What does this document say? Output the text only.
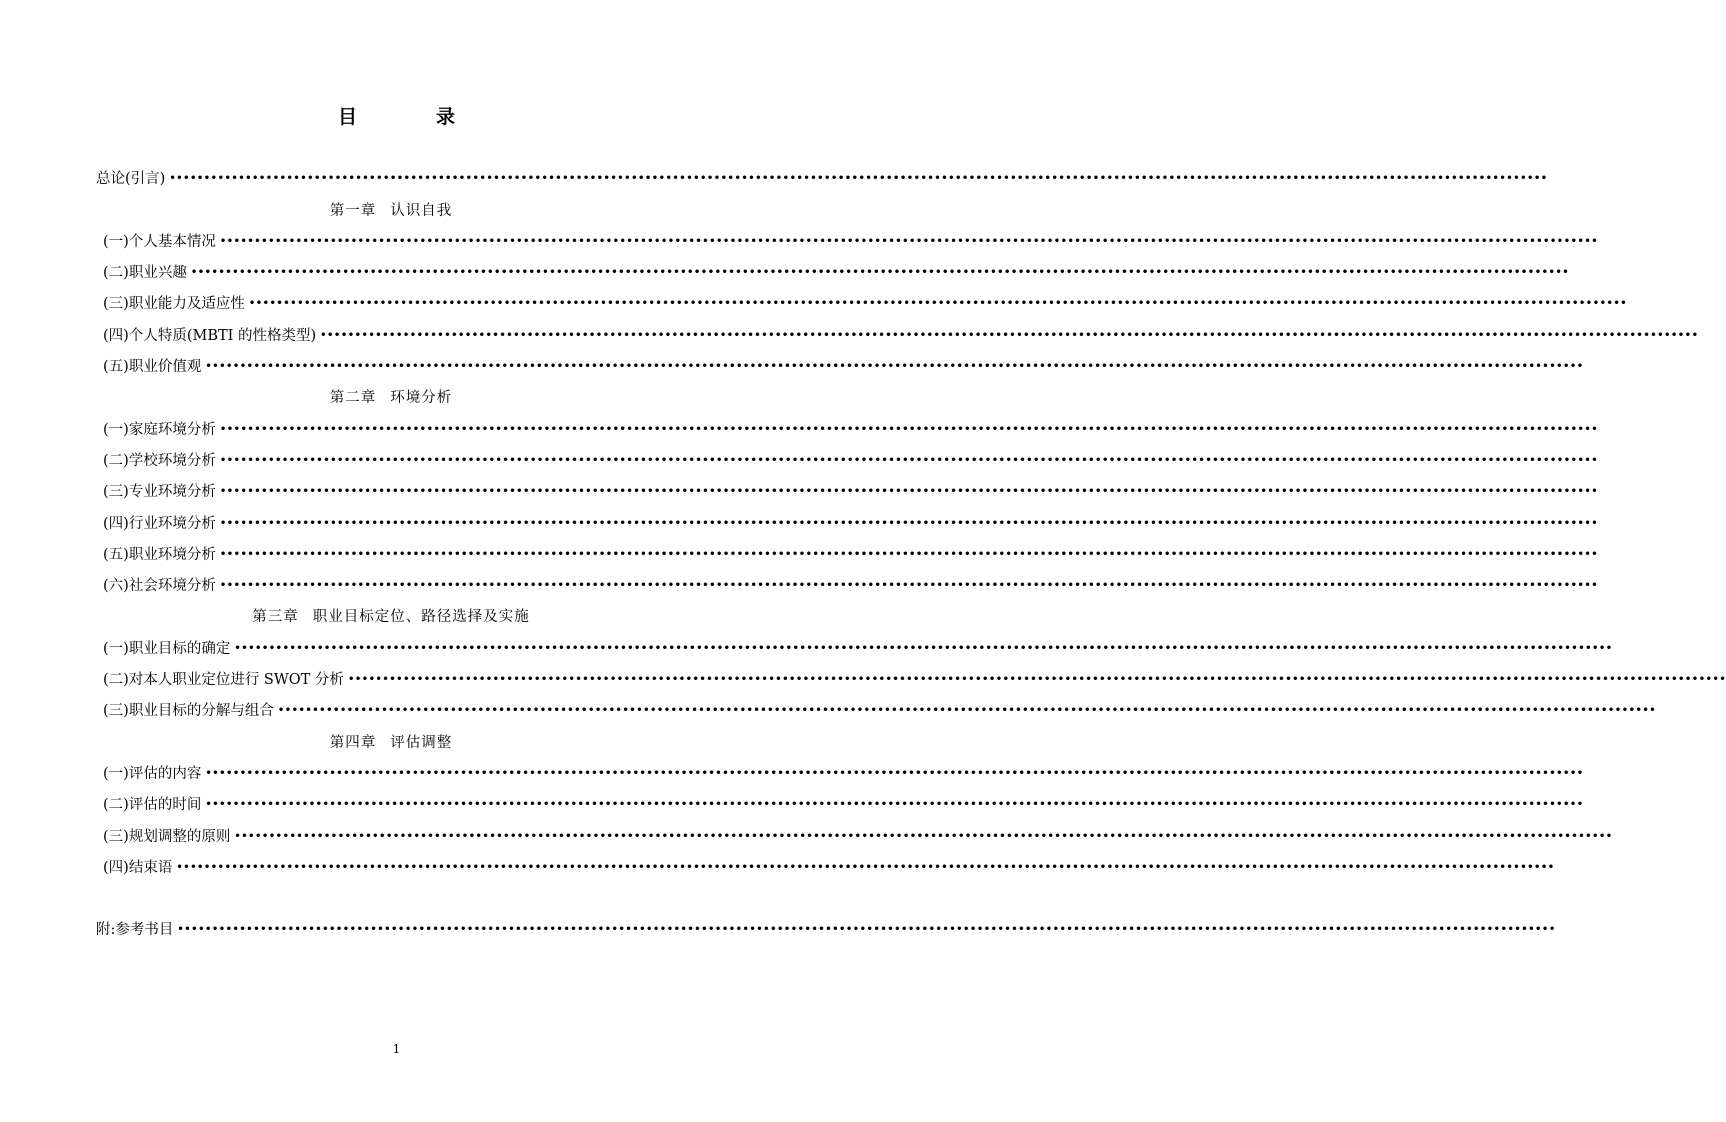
目　录
总论(引言) ••••••••••••••••••••••••••••••••••••••••••••••••••••••••••••••••••••••••••••••••••••••••••••••••••••••••••••••••••••••••••••••••••••••••••••••••••••••••••••••••••••••••••••••••••••••••••••••••••••••••
第一章 认识自我
(一)个人基本情况 ••••••••••••••••••••••••••••••••••••••••••••••••••••••••••••••••••••••••••••••••••••••••••••••••••••••••••••••••••••••••••••••••••••••••••••••••••••••••••••••••••••••••••••••••••••••••••••••••••••••••
(二)职业兴趣 ••••••••••••••••••••••••••••••••••••••••••••••••••••••••••••••••••••••••••••••••••••••••••••••••••••••••••••••••••••••••••••••••••••••••••••••••••••••••••••••••••••••••••••••••••••••••••••••••••••••••
(三)职业能力及适应性 ••••••••••••••••••••••••••••••••••••••••••••••••••••••••••••••••••••••••••••••••••••••••••••••••••••••••••••••••••••••••••••••••••••••••••••••••••••••••••••••••••••••••••••••••••••••••••••••••••••••••
(四)个人特质(MBTI 的性格类型) ••••••••••••••••••••••••••••••••••••••••••••••••••••••••••••••••••••••••••••••••••••••••••••••••••••••••••••••••••••••••••••••••••••••••••••••••••••••••••••••••••••••••••••••••••••••••••••••••••••••••
(五)职业价值观 ••••••••••••••••••••••••••••••••••••••••••••••••••••••••••••••••••••••••••••••••••••••••••••••••••••••••••••••••••••••••••••••••••••••••••••••••••••••••••••••••••••••••••••••••••••••••••••••••••••••••
第二章 环境分析
(一)家庭环境分析 ••••••••••••••••••••••••••••••••••••••••••••••••••••••••••••••••••••••••••••••••••••••••••••••••••••••••••••••••••••••••••••••••••••••••••••••••••••••••••••••••••••••••••••••••••••••••••••••••••••••••
(二)学校环境分析 ••••••••••••••••••••••••••••••••••••••••••••••••••••••••••••••••••••••••••••••••••••••••••••••••••••••••••••••••••••••••••••••••••••••••••••••••••••••••••••••••••••••••••••••••••••••••••••••••••••••••
(三)专业环境分析 ••••••••••••••••••••••••••••••••••••••••••••••••••••••••••••••••••••••••••••••••••••••••••••••••••••••••••••••••••••••••••••••••••••••••••••••••••••••••••••••••••••••••••••••••••••••••••••••••••••••••
(四)行业环境分析 ••••••••••••••••••••••••••••••••••••••••••••••••••••••••••••••••••••••••••••••••••••••••••••••••••••••••••••••••••••••••••••••••••••••••••••••••••••••••••••••••••••••••••••••••••••••••••••••••••••••••
(五)职业环境分析 ••••••••••••••••••••••••••••••••••••••••••••••••••••••••••••••••••••••••••••••••••••••••••••••••••••••••••••••••••••••••••••••••••••••••••••••••••••••••••••••••••••••••••••••••••••••••••••••••••••••••
(六)社会环境分析 ••••••••••••••••••••••••••••••••••••••••••••••••••••••••••••••••••••••••••••••••••••••••••••••••••••••••••••••••••••••••••••••••••••••••••••••••••••••••••••••••••••••••••••••••••••••••••••••••••••••••
第三章 职业目标定位、路径选择及实施
(一)职业目标的确定 ••••••••••••••••••••••••••••••••••••••••••••••••••••••••••••••••••••••••••••••••••••••••••••••••••••••••••••••••••••••••••••••••••••••••••••••••••••••••••••••••••••••••••••••••••••••••••••••••••••••••
(二)对本人职业定位进行 SWOT 分析 ••••••••••••••••••••••••••••••••••••••••••••••••••••••••••••••••••••••••••••••••••••••••••••••••••••••••••••••••••••••••••••••••••••••••••••••••••••••••••••••••••••••••••••••••••••••••••••••••••••••••
(三)职业目标的分解与组合 ••••••••••••••••••••••••••••••••••••••••••••••••••••••••••••••••••••••••••••••••••••••••••••••••••••••••••••••••••••••••••••••••••••••••••••••••••••••••••••••••••••••••••••••••••••••••••••••••••••••••
第四章 评估调整
(一)评估的内容 ••••••••••••••••••••••••••••••••••••••••••••••••••••••••••••••••••••••••••••••••••••••••••••••••••••••••••••••••••••••••••••••••••••••••••••••••••••••••••••••••••••••••••••••••••••••••••••••••••••••••
(二)评估的时间 ••••••••••••••••••••••••••••••••••••••••••••••••••••••••••••••••••••••••••••••••••••••••••••••••••••••••••••••••••••••••••••••••••••••••••••••••••••••••••••••••••••••••••••••••••••••••••••••••••••••••
(三)规划调整的原则 ••••••••••••••••••••••••••••••••••••••••••••••••••••••••••••••••••••••••••••••••••••••••••••••••••••••••••••••••••••••••••••••••••••••••••••••••••••••••••••••••••••••••••••••••••••••••••••••••••••••••
(四)结束语 ••••••••••••••••••••••••••••••••••••••••••••••••••••••••••••••••••••••••••••••••••••••••••••••••••••••••••••••••••••••••••••••••••••••••••••••••••••••••••••••••••••••••••••••••••••••••••••••••••••••••
附:参考书目 ••••••••••••••••••••••••••••••••••••••••••••••••••••••••••••••••••••••••••••••••••••••••••••••••••••••••••••••••••••••••••••••••••••••••••••••••••••••••••••••••••••••••••••••••••••••••••••••••••••••••
1
